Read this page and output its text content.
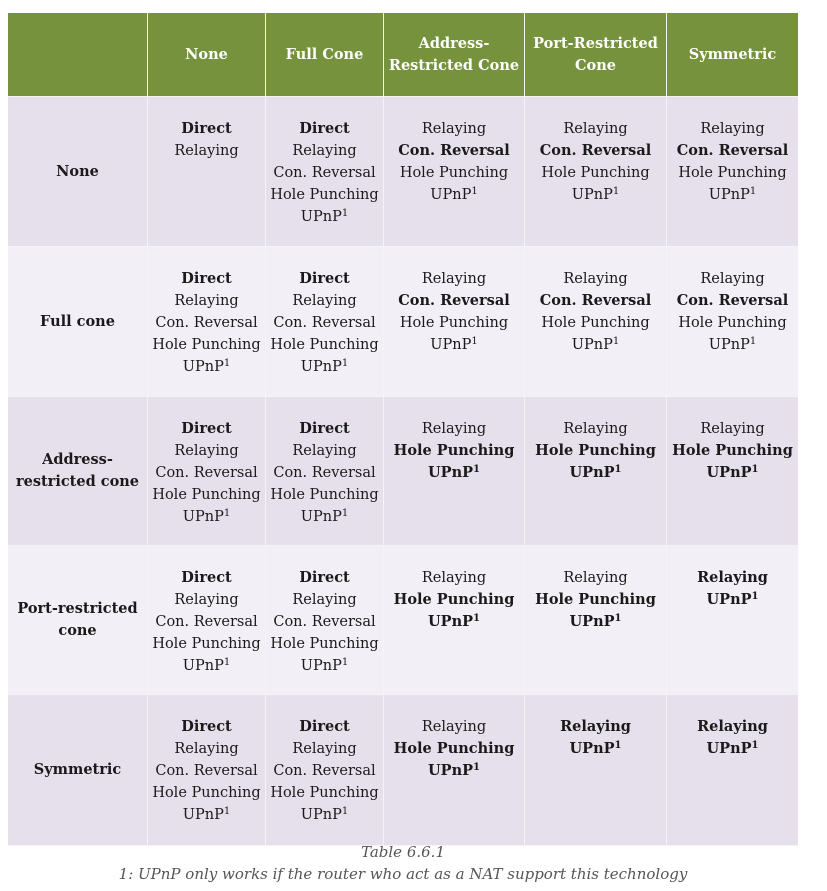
None	Full Cone
Address-
Restricted Cone
Port-Restricted
Cone
Symmetric
None
Direct
Relaying
Direct
Relaying
Con. Reversal
Hole Punching
UPnP$^1$
Relaying
Con. Reversal
Hole Punching
UPnP$^1$
Relaying
Con. Reversal
Hole Punching
UPnP$^1$
Relaying
Con. Reversal
Hole Punching
UPnP$^1$
Full cone
Direct
Relaying
Con. Reversal
Hole Punching
UPnP$^1$
Direct
Relaying
Con. Reversal
Hole Punching
UPnP$^1$
Relaying
Con. Reversal
Hole Punching
UPnP$^1$
Relaying
Con. Reversal
Hole Punching
UPnP$^1$
Relaying
Con. Reversal
Hole Punching
UPnP$^1$
Address-
restricted cone
Direct
Relaying
Con. Reversal
Hole Punching
UPnP$^1$
Direct
Relaying
Con. Reversal
Hole Punching
UPnP$^1$
Relaying
Hole Punching
UPnP$^1$
Relaying
Hole Punching
UPnP$^1$
Relaying
Hole Punching
UPnP$^1$
Port-restricted
cone
Direct
Relaying
Con. Reversal
Hole Punching
UPnP$^1$
Direct
Relaying
Con. Reversal
Hole Punching
UPnP$^1$
Relaying
Hole Punching
UPnP$^1$
Relaying
Hole Punching
UPnP$^1$
Relaying
UPnP$^1$
Symmetric
Direct
Relaying
Con. Reversal
Hole Punching
UPnP$^1$
Direct
Relaying
Con. Reversal
Hole Punching
UPnP$^1$
Relaying
Hole Punching
UPnP$^1$
Relaying
UPnP$^1$
Relaying
UPnP$^1$
Table 6.6.1
1: UPnP only works if the router who act as a NAT support this technology
